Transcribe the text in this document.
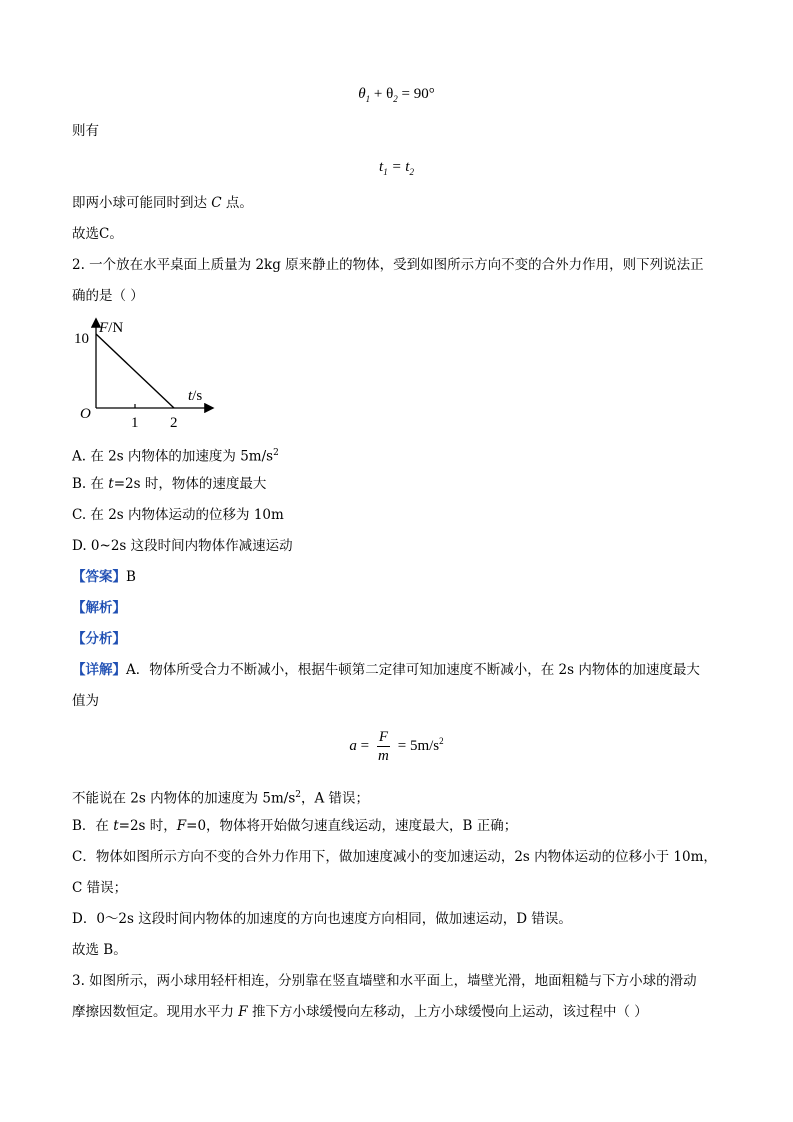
$\theta_1 + \theta_2 = 90^\circ$
则有
$t_1 = t_2$
即两小球可能同时到达 C 点。
故选C。
2. 一个放在水平桌面上质量为 2kg 原来静止的物体，受到如图所示方向不变的合外力作用，则下列说法正
确的是（ ）
F/N
10
O
1 2
t/s
A. 在 2s 内物体的加速度为 $5m/s^2$
B. 在 t=2s 时，物体的速度最大
C. 在 2s 内物体运动的位移为 10m
D. 0~2s 这段时间内物体作减速运动
【答案】B
【解析】
【分析】
【详解】A．物体所受合力不断减小，根据牛顿第二定律可知加速度不断减小，在 2s 内物体的加速度最大
值为
$a = \frac{F}{m} = 5m/s^2$
不能说在 2s 内物体的加速度为 $5m/s^2$，A 错误；
B．在 t=2s 时，F=0，物体将开始做匀速直线运动，速度最大，B 正确；
C．物体如图所示方向不变的合外力作用下，做加速度减小的变加速运动，2s 内物体运动的位移小于 10m，
C 错误；
D．0～2s 这段时间内物体的加速度的方向也速度方向相同，做加速运动，D 错误。
故选 B。
3. 如图所示，两小球用轻杆相连，分别靠在竖直墙壁和水平面上，墙壁光滑，地面粗糙与下方小球的滑动
摩擦因数恒定。现用水平力 F 推下方小球缓慢向左移动，上方小球缓慢向上运动，该过程中（ ）
